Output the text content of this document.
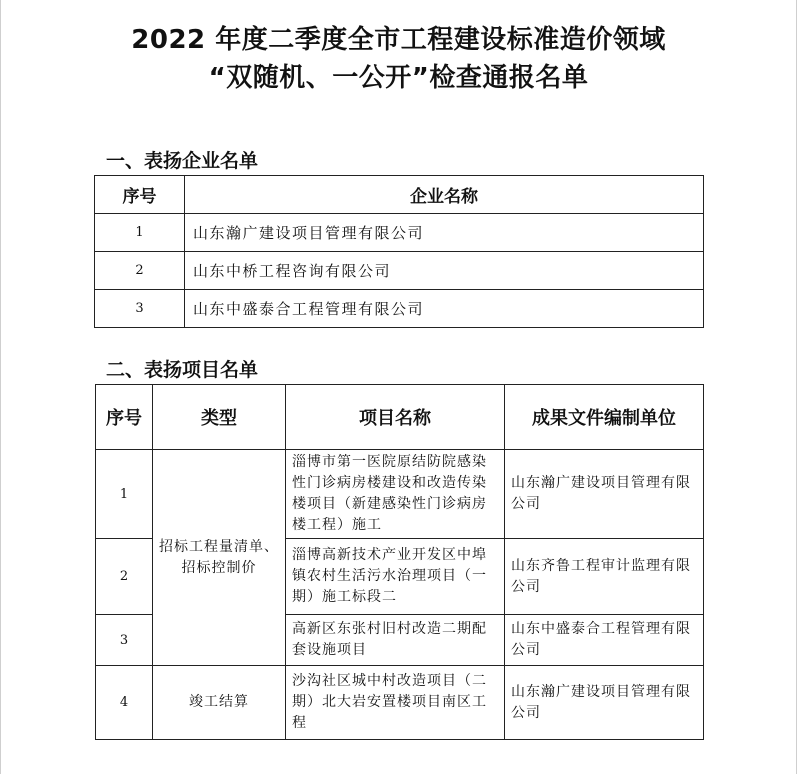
2022 年度二季度全市工程建设标准造价领域
“双随机、一公开”检查通报名单
一、表扬企业名单
序号	企业名称
1	山东瀚广建设项目管理有限公司
2	山东中桥工程咨询有限公司
3	山东中盛泰合工程管理有限公司
二、表扬项目名单
序号	类型	项目名称	成果文件编制单位
1	招标工程量清单、招标控制价	淄博市第一医院原结防院感染性门诊病房楼建设和改造传染楼项目（新建感染性门诊病房楼工程）施工	山东瀚广建设项目管理有限公司
2		淄博高新技术产业开发区中埠镇农村生活污水治理项目（一期）施工标段二	山东齐鲁工程审计监理有限公司
3		高新区东张村旧村改造二期配套设施项目	山东中盛泰合工程管理有限公司
4	竣工结算	沙沟社区城中村改造项目（二期）北大岩安置楼项目南区工程	山东瀚广建设项目管理有限公司
